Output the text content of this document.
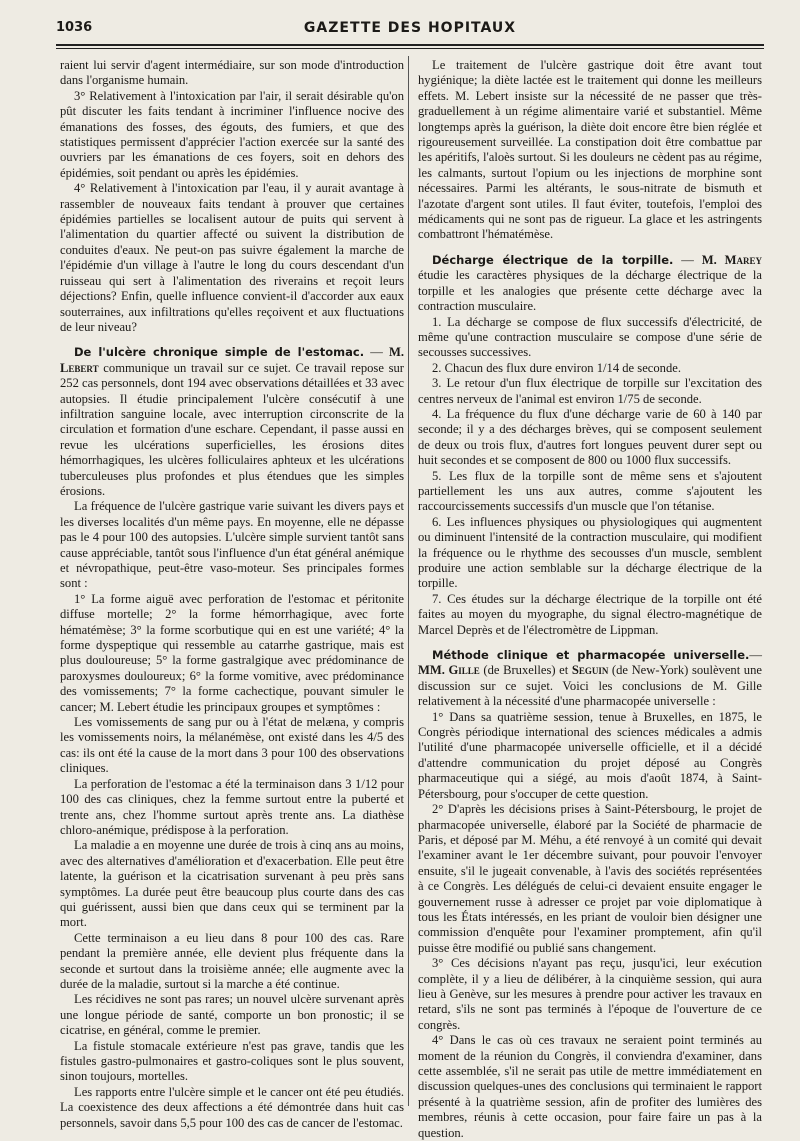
1036	GAZETTE DES HOPITAUX

raient lui servir d'agent intermédiaire, sur son mode d'introduction dans l'organisme humain.

3° Relativement à l'intoxication par l'air, il serait désirable qu'on pût discuter les faits tendant à incriminer l'influence nocive des émanations des fosses, des égouts, des fumiers, et que des statistiques permissent d'apprécier l'action exercée sur la santé des ouvriers par les émanations de ces foyers, soit en dehors des épidémies, soit pendant ou après les épidémies.

4° Relativement à l'intoxication par l'eau, il y aurait avantage à rassembler de nouveaux faits tendant à prouver que certaines épidémies partielles se localisent autour de puits qui servent à l'alimentation du quartier affecté ou suivent la distribution de conduites d'eaux. Ne peut-on pas suivre également la marche de l'épidémie d'un village à l'autre le long du cours descendant d'un ruisseau qui sert à l'alimentation des riverains et reçoit leurs déjections? Enfin, quelle influence convient-il d'accorder aux eaux souterraines, aux infiltrations qu'elles reçoivent et aux fluctuations de leur niveau?

De l'ulcère chronique simple de l'estomac. — M. Lebert communique un travail sur ce sujet. Ce travail repose sur 252 cas personnels, dont 194 avec observations détaillées et 33 avec autopsies. Il étudie principalement l'ulcère consécutif à une infiltration sanguine locale, avec interruption circonscrite de la circulation et formation d'une eschare. Cependant, il passe aussi en revue les ulcérations superficielles, les érosions dites hémorrhagiques, les ulcères folliculaires aphteux et les ulcérations tuberculeuses plus profondes et plus étendues que les simples érosions.

La fréquence de l'ulcère gastrique varie suivant les divers pays et les diverses localités d'un même pays. En moyenne, elle ne dépasse pas le 4 pour 100 des autopsies. L'ulcère simple survient tantôt sans cause appréciable, tantôt sous l'influence d'un état général anémique et névropathique, peut-être vaso-moteur. Ses principales formes sont :

1° La forme aiguë avec perforation de l'estomac et péritonite diffuse mortelle; 2° la forme hémorrhagique, avec forte hématémèse; 3° la forme scorbutique qui en est une variété; 4° la forme dyspeptique qui ressemble au catarrhe gastrique, mais est plus douloureuse; 5° la forme gastralgique avec prédominance de paroxysmes douloureux; 6° la forme vomitive, avec prédominance des vomissements; 7° la forme cachectique, pouvant simuler le cancer; M. Lebert étudie les principaux groupes et symptômes :

Les vomissements de sang pur ou à l'état de melæna, y compris les vomissements noirs, la mélanémèse, ont existé dans les 4/5 des cas: ils ont été la cause de la mort dans 3 pour 100 des observations cliniques.

La perforation de l'estomac a été la terminaison dans 3 1/12 pour 100 des cas cliniques, chez la femme surtout entre la puberté et trente ans, chez l'homme surtout après trente ans. La diathèse chloro-anémique, prédispose à la perforation.

La maladie a en moyenne une durée de trois à cinq ans au moins, avec des alternatives d'amélioration et d'exacerbation. Elle peut être latente, la guérison et la cicatrisation survenant à peu près sans symptômes. La durée peut être beaucoup plus courte dans des cas qui guérissent, aussi bien que dans ceux qui se terminent par la mort.

Cette terminaison a eu lieu dans 8 pour 100 des cas. Rare pendant la première année, elle devient plus fréquente dans la seconde et surtout dans la troisième année; elle augmente avec la durée de la maladie, surtout si la marche a été continue.

Les récidives ne sont pas rares; un nouvel ulcère survenant après une longue période de santé, comporte un bon pronostic; il se cicatrise, en général, comme le premier.

La fistule stomacale extérieure n'est pas grave, tandis que les fistules gastro-pulmonaires et gastro-coliques sont le plus souvent, sinon toujours, mortelles.

Les rapports entre l'ulcère simple et le cancer ont été peu étudiés. La coexistence des deux affections a été démontrée dans huit cas personnels, savoir dans 5,5 pour 100 des cas de cancer de l'estomac.

Le traitement de l'ulcère gastrique doit être avant tout hygiénique; la diète lactée est le traitement qui donne les meilleurs effets. M. Lebert insiste sur la nécessité de ne passer que très-graduellement à un régime alimentaire varié et substantiel. Même longtemps après la guérison, la diète doit encore être bien réglée et rigoureusement surveillée. La constipation doit être combattue par les apéritifs, l'aloès surtout. Si les douleurs ne cèdent pas au régime, les calmants, surtout l'opium ou les injections de morphine sont nécessaires. Parmi les altérants, le sous-nitrate de bismuth et l'azotate d'argent sont utiles. Il faut éviter, toutefois, l'emploi des médicaments qui ne sont pas de rigueur. La glace et les astringents combattront l'hématémèse.

Décharge électrique de la torpille. — M. Marey étudie les caractères physiques de la décharge électrique de la torpille et les analogies que présente cette décharge avec la contraction musculaire.

1. La décharge se compose de flux successifs d'électricité, de même qu'une contraction musculaire se compose d'une série de secousses successives.

2. Chacun des flux dure environ 1/14 de seconde.

3. Le retour d'un flux électrique de torpille sur l'excitation des centres nerveux de l'animal est environ 1/75 de seconde.

4. La fréquence du flux d'une décharge varie de 60 à 140 par seconde; il y a des décharges brèves, qui se composent seulement de deux ou trois flux, d'autres fort longues peuvent durer sept ou huit secondes et se composent de 800 ou 1000 flux successifs.

5. Les flux de la torpille sont de même sens et s'ajoutent partiellement les uns aux autres, comme s'ajoutent les raccourcissements successifs d'un muscle que l'on tétanise.

6. Les influences physiques ou physiologiques qui augmentent ou diminuent l'intensité de la contraction musculaire, qui modifient la fréquence ou le rhythme des secousses d'un muscle, semblent produire une action semblable sur la décharge électrique de la torpille.

7. Ces études sur la décharge électrique de la torpille ont été faites au moyen du myographe, du signal électro-magnétique de Marcel Deprès et de l'électromètre de Lippman.

Méthode clinique et pharmacopée universelle.—MM. Gille (de Bruxelles) et Seguin (de New-York) soulèvent une discussion sur ce sujet. Voici les conclusions de M. Gille relativement à la nécessité d'une pharmacopée universelle :

1° Dans sa quatrième session, tenue à Bruxelles, en 1875, le Congrès périodique international des sciences médicales a admis l'utilité d'une pharmacopée universelle officielle, et il a décidé d'attendre communication du projet déposé au Congrès pharmaceutique qui a siégé, au mois d'août 1874, à Saint-Pétersbourg, pour s'occuper de cette question.

2° D'après les décisions prises à Saint-Pétersbourg, le projet de pharmacopée universelle, élaboré par la Société de pharmacie de Paris, et déposé par M. Méhu, a été renvoyé à un comité qui devait l'examiner avant le 1er décembre suivant, pour pouvoir l'envoyer ensuite, s'il le jugeait convenable, à l'avis des sociétés représentées à ce Congrès. Les délégués de celui-ci devaient ensuite engager le gouvernement russe à adresser ce projet par voie diplomatique à tous les États intéressés, en les priant de vouloir bien désigner une commission d'enquête pour l'examiner promptement, afin qu'il puisse être modifié ou publié sans changement.

3° Ces décisions n'ayant pas reçu, jusqu'ici, leur exécution complète, il y a lieu de délibérer, à la cinquième session, qui aura lieu à Genève, sur les mesures à prendre pour activer les travaux en retard, s'ils ne sont pas terminés à l'époque de l'ouverture de ce congrès.

4° Dans le cas où ces travaux ne seraient point terminés au moment de la réunion du Congrès, il conviendra d'examiner, dans cette assemblée, s'il ne serait pas utile de mettre immédiatement en discussion quelques-unes des conclusions qui terminaient le rapport présenté à la quatrième session, afin de profiter des lumières des membres, réunis à cette occasion, pour faire faire un pas à la question.
